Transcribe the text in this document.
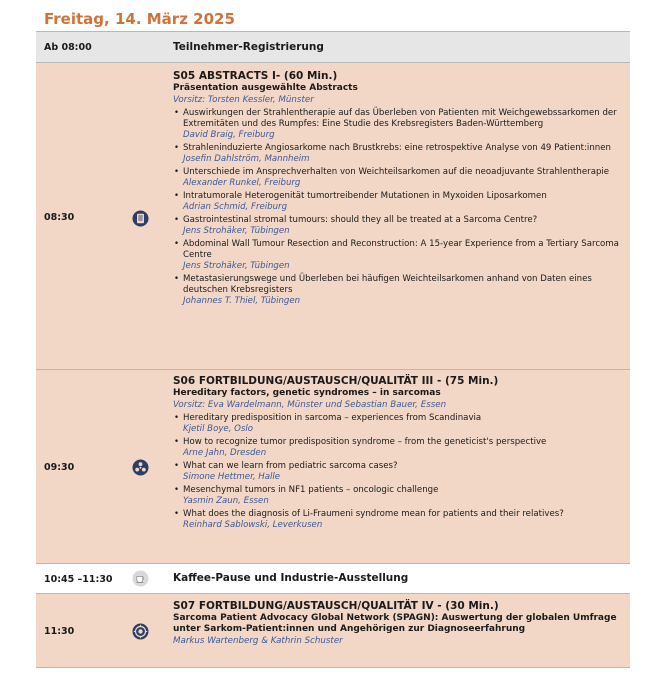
Freitag, 14. März 2025
Ab 08:00	Teilnehmer-Registrierung
08:30
S05 ABSTRACTS I- (60 Min.)
Präsentation ausgewählte Abstracts
Vorsitz: Torsten Kessler, Münster
• Auswirkungen der Strahlentherapie auf das Überleben von Patienten mit Weichgewebssarkomen der Extremitäten und des Rumpfes: Eine Studie des Krebsregisters Baden-Württemberg
David Braig, Freiburg
• Strahleninduzierte Angiosarkome nach Brustkrebs: eine retrospektive Analyse von 49 Patient:innen
Josefin Dahlström, Mannheim
• Unterschiede im Ansprechverhalten von Weichteilsarkomen auf die neoadjuvante Strahlentherapie
Alexander Runkel, Freiburg
• Intratumorale Heterogenität tumortreibender Mutationen in Myxoiden Liposarkomen
Adrian Schmid, Freiburg
• Gastrointestinal stromal tumours: should they all be treated at a Sarcoma Centre?
Jens Strohäker, Tübingen
• Abdominal Wall Tumour Resection and Reconstruction: A 15-year Experience from a Tertiary Sarcoma Centre
Jens Strohäker, Tübingen
• Metastasierungswege und Überleben bei häufigen Weichteilsarkomen anhand von Daten eines deutschen Krebsregisters
Johannes T. Thiel, Tübingen
09:30
S06 FORTBILDUNG/AUSTAUSCH/QUALITÄT III - (75 Min.)
Hereditary factors, genetic syndromes – in sarcomas
Vorsitz: Eva Wardelmann, Münster und Sebastian Bauer, Essen
• Hereditary predisposition in sarcoma – experiences from Scandinavia
Kjetil Boye, Oslo
• How to recognize tumor predisposition syndrome – from the geneticist's perspective
Arne Jahn, Dresden
• What can we learn from pediatric sarcoma cases?
Simone Hettmer, Halle
• Mesenchymal tumors in NF1 patients – oncologic challenge
Yasmin Zaun, Essen
• What does the diagnosis of Li-Fraumeni syndrome mean for patients and their relatives?
Reinhard Sablowski, Leverkusen
10:45 –11:30	Kaffee-Pause und Industrie-Ausstellung
11:30
S07 FORTBILDUNG/AUSTAUSCH/QUALITÄT IV - (30 Min.)
Sarcoma Patient Advocacy Global Network (SPAGN): Auswertung der globalen Umfrage unter Sarkom-Patient:innen und Angehörigen zur Diagnoseerfahrung
Markus Wartenberg & Kathrin Schuster
